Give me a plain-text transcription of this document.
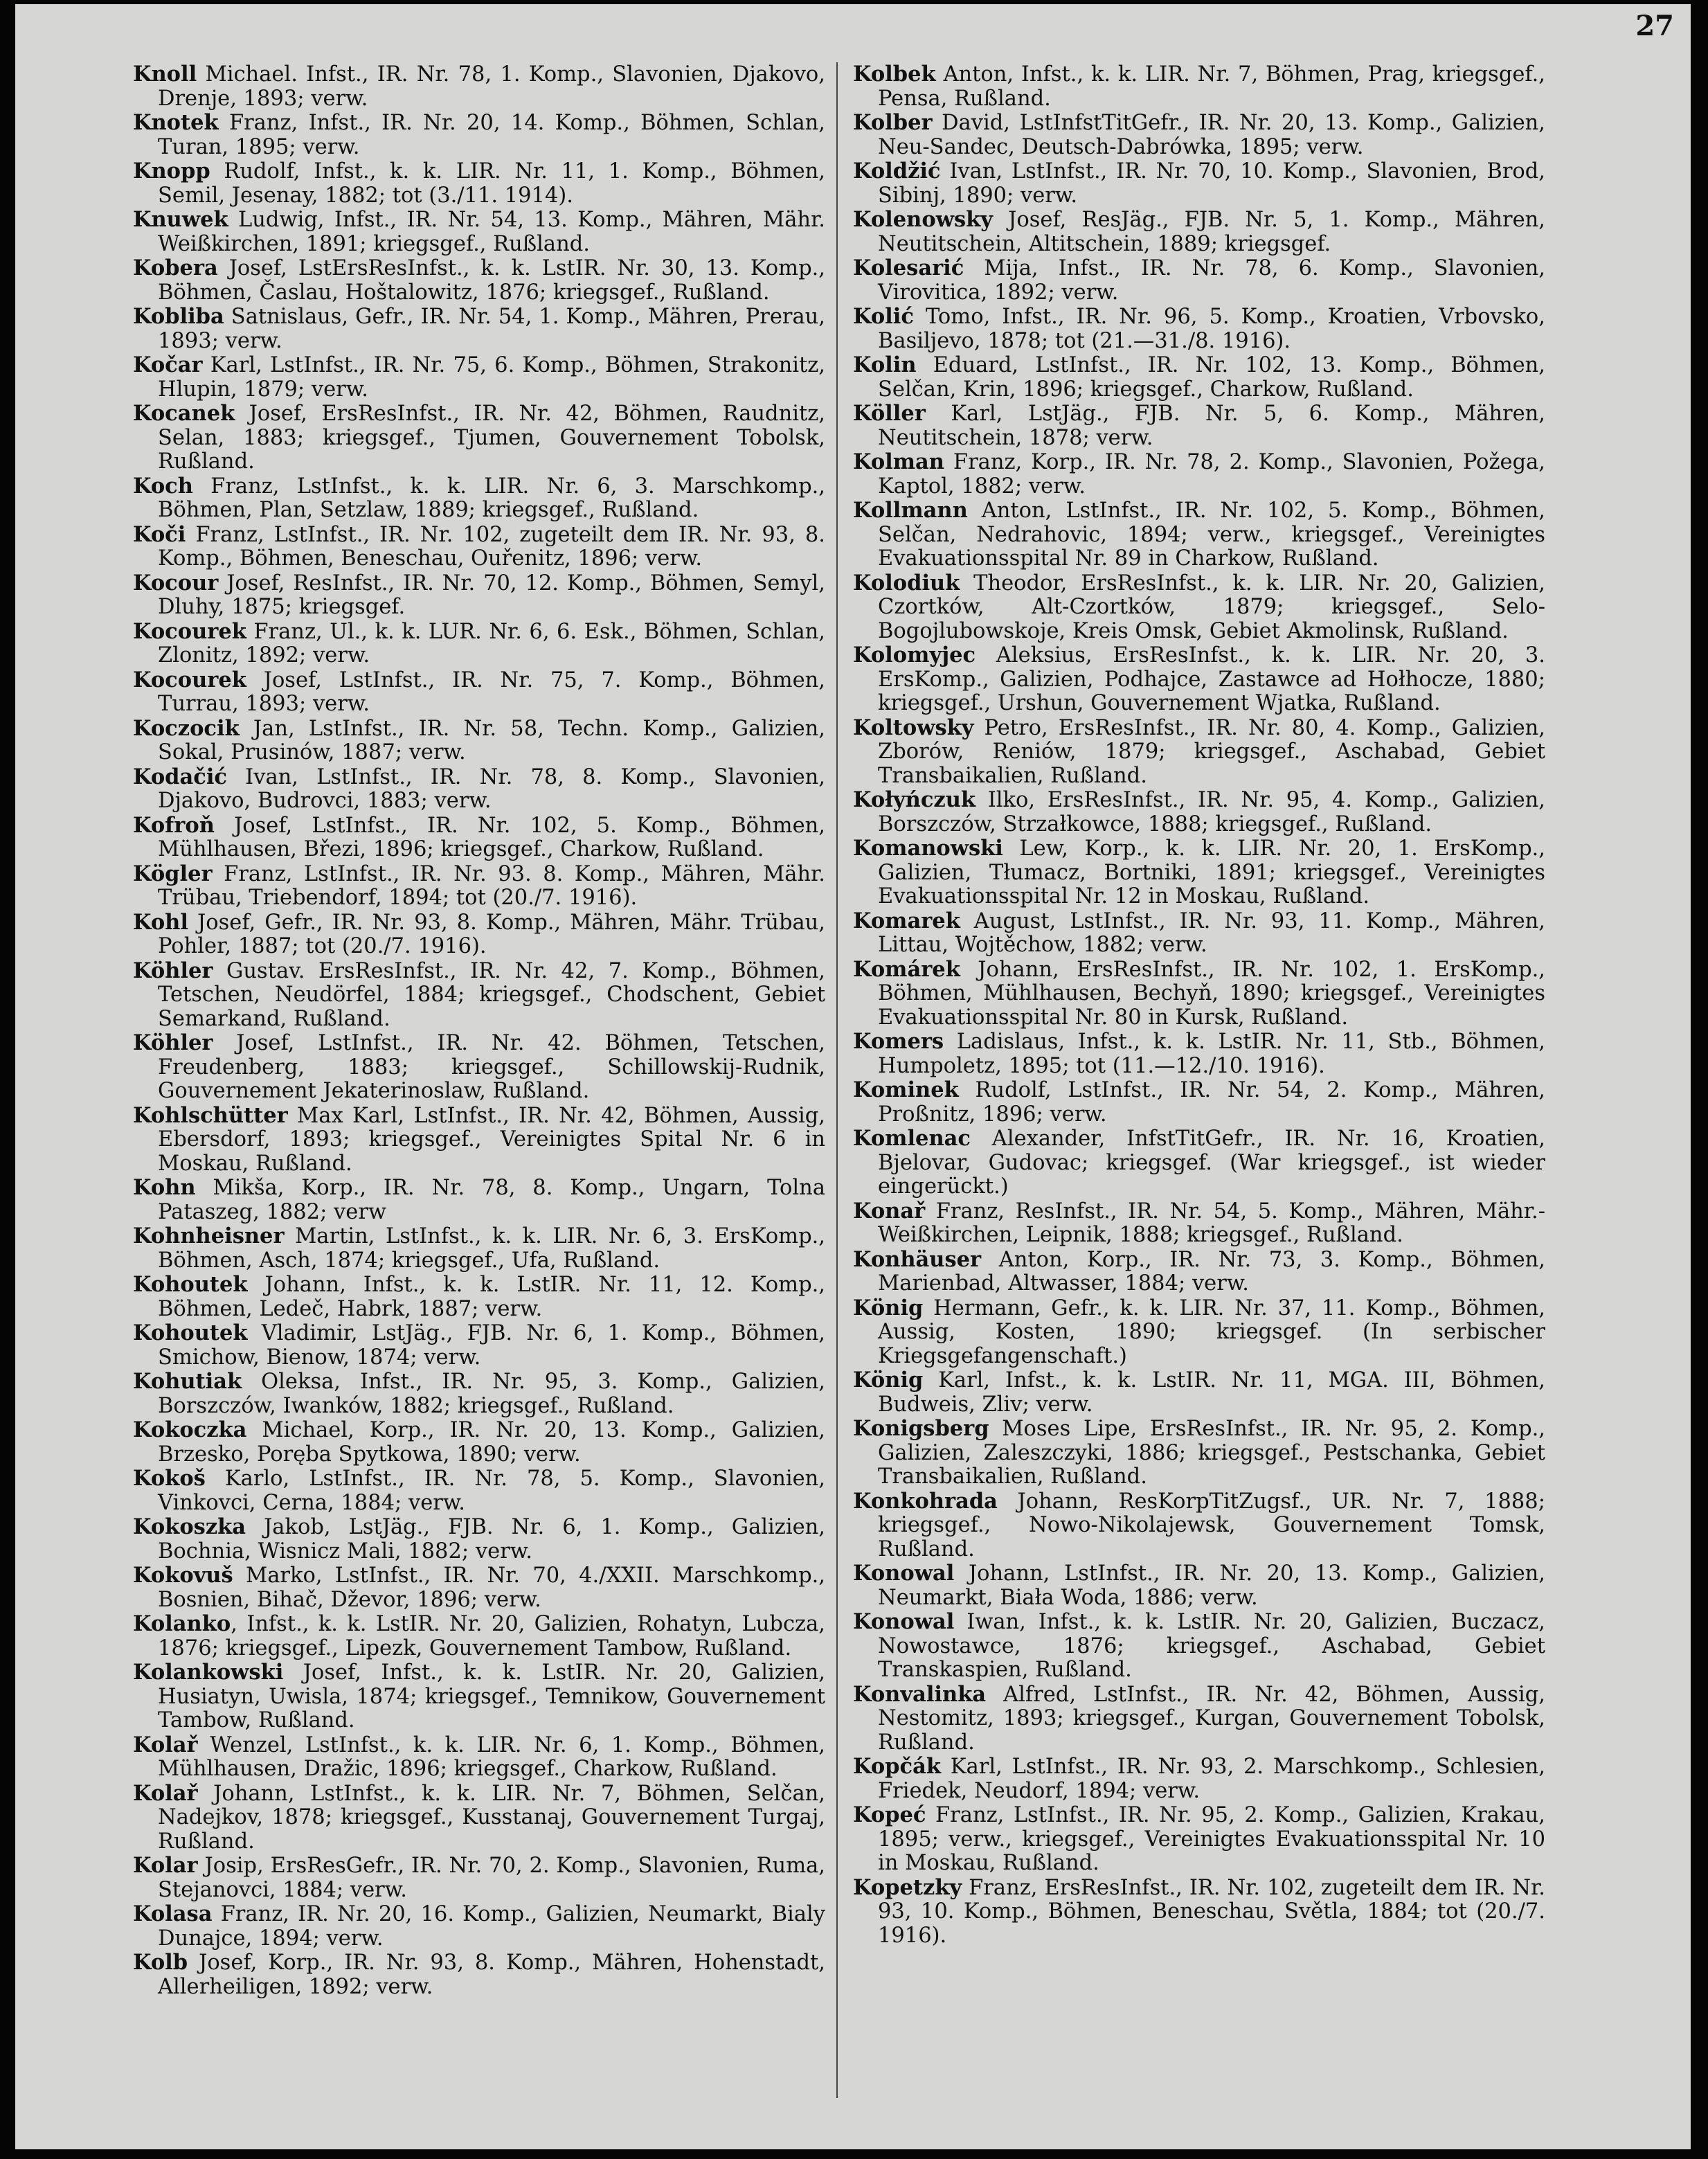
27

Knoll Michael. Infst., IR. Nr. 78, 1. Komp., Slavonien, Djakovo, Drenje, 1893; verw.

Knotek Franz, Infst., IR. Nr. 20, 14. Komp., Böhmen, Schlan, Turan, 1895; verw.

Knopp Rudolf, Infst., k. k. LIR. Nr. 11, 1. Komp., Böhmen, Semil, Jesenay, 1882; tot (3./11. 1914).

Knuwek Ludwig, Infst., IR. Nr. 54, 13. Komp., Mähren, Mähr. Weißkirchen, 1891; kriegsgef., Rußland.

Kobera Josef, LstErsResInfst., k. k. LstIR. Nr. 30, 13. Komp., Böhmen, Časlau, Hoštalowitz, 1876; kriegsgef., Rußland.

Kobliba Satnislaus, Gefr., IR. Nr. 54, 1. Komp., Mähren, Prerau, 1893; verw.

Kočar Karl, LstInfst., IR. Nr. 75, 6. Komp., Böhmen, Strakonitz, Hlupin, 1879; verw.

Kocanek Josef, ErsResInfst., IR. Nr. 42, Böhmen, Raudnitz, Selan, 1883; kriegsgef., Tjumen, Gouvernement Tobolsk, Rußland.

Koch Franz, LstInfst., k. k. LIR. Nr. 6, 3. Marschkomp., Böhmen, Plan, Setzlaw, 1889; kriegsgef., Rußland.

Koči Franz, LstInfst., IR. Nr. 102, zugeteilt dem IR. Nr. 93, 8. Komp., Böhmen, Beneschau, Ouřenitz, 1896; verw.

Kocour Josef, ResInfst., IR. Nr. 70, 12. Komp., Böhmen, Semyl, Dluhy, 1875; kriegsgef.

Kocourek Franz, Ul., k. k. LUR. Nr. 6, 6. Esk., Böhmen, Schlan, Zlonitz, 1892; verw.

Kocourek Josef, LstInfst., IR. Nr. 75, 7. Komp., Böhmen, Turrau, 1893; verw.

Koczocik Jan, LstInfst., IR. Nr. 58, Techn. Komp., Galizien, Sokal, Prusinów, 1887; verw.

Kodačić Ivan, LstInfst., IR. Nr. 78, 8. Komp., Slavonien, Djakovo, Budrovci, 1883; verw.

Kofroň Josef, LstInfst., IR. Nr. 102, 5. Komp., Böhmen, Mühlhausen, Březi, 1896; kriegsgef., Charkow, Rußland.

Kögler Franz, LstInfst., IR. Nr. 93. 8. Komp., Mähren, Mähr. Trübau, Triebendorf, 1894; tot (20./7. 1916).

Kohl Josef, Gefr., IR. Nr. 93, 8. Komp., Mähren, Mähr. Trübau, Pohler, 1887; tot (20./7. 1916).

Köhler Gustav. ErsResInfst., IR. Nr. 42, 7. Komp., Böhmen, Tetschen, Neudörfel, 1884; kriegsgef., Chodschent, Gebiet Semarkand, Rußland.

Köhler Josef, LstInfst., IR. Nr. 42. Böhmen, Tetschen, Freudenberg, 1883; kriegsgef., Schillowskij-Rudnik, Gouvernement Jekaterinoslaw, Rußland.

Kohlschütter Max Karl, LstInfst., IR. Nr. 42, Böhmen, Aussig, Ebersdorf, 1893; kriegsgef., Vereinigtes Spital Nr. 6 in Moskau, Rußland.

Kohn Mikša, Korp., IR. Nr. 78, 8. Komp., Ungarn, Tolna Pataszeg, 1882; verw

Kohnheisner Martin, LstInfst., k. k. LIR. Nr. 6, 3. ErsKomp., Böhmen, Asch, 1874; kriegsgef., Ufa, Rußland.

Kohoutek Johann, Infst., k. k. LstIR. Nr. 11, 12. Komp., Böhmen, Ledeč, Habrk, 1887; verw.

Kohoutek Vladimir, LstJäg., FJB. Nr. 6, 1. Komp., Böhmen, Smichow, Bienow, 1874; verw.

Kohutiak Oleksa, Infst., IR. Nr. 95, 3. Komp., Galizien, Borszczów, Iwanków, 1882; kriegsgef., Rußland.

Kokoczka Michael, Korp., IR. Nr. 20, 13. Komp., Galizien, Brzesko, Poręba Spytkowa, 1890; verw.

Kokoš Karlo, LstInfst., IR. Nr. 78, 5. Komp., Slavonien, Vinkovci, Cerna, 1884; verw.

Kokoszka Jakob, LstJäg., FJB. Nr. 6, 1. Komp., Galizien, Bochnia, Wisnicz Mali, 1882; verw.

Kokovuš Marko, LstInfst., IR. Nr. 70, 4./XXII. Marschkomp., Bosnien, Bihač, Dževor, 1896; verw.

Kolanko, Infst., k. k. LstIR. Nr. 20, Galizien, Rohatyn, Lubcza, 1876; kriegsgef., Lipezk, Gouvernement Tambow, Rußland.

Kolankowski Josef, Infst., k. k. LstIR. Nr. 20, Galizien, Husiatyn, Uwisla, 1874; kriegsgef., Temnikow, Gouvernement Tambow, Rußland.

Kolař Wenzel, LstInfst., k. k. LIR. Nr. 6, 1. Komp., Böhmen, Mühlhausen, Dražic, 1896; kriegsgef., Charkow, Rußland.

Kolař Johann, LstInfst., k. k. LIR. Nr. 7, Böhmen, Selčan, Nadejkov, 1878; kriegsgef., Kusstanaj, Gouvernement Turgaj, Rußland.

Kolar Josip, ErsResGefr., IR. Nr. 70, 2. Komp., Slavonien, Ruma, Stejanovci, 1884; verw.

Kolasa Franz, IR. Nr. 20, 16. Komp., Galizien, Neumarkt, Bialy Dunajce, 1894; verw.

Kolb Josef, Korp., IR. Nr. 93, 8. Komp., Mähren, Hohenstadt, Allerheiligen, 1892; verw.

Kolbek Anton, Infst., k. k. LIR. Nr. 7, Böhmen, Prag, kriegsgef., Pensa, Rußland.

Kolber David, LstInfstTitGefr., IR. Nr. 20, 13. Komp., Galizien, Neu-Sandec, Deutsch-Dabrówka, 1895; verw.

Koldžić Ivan, LstInfst., IR. Nr. 70, 10. Komp., Slavonien, Brod, Sibinj, 1890; verw.

Kolenowsky Josef, ResJäg., FJB. Nr. 5, 1. Komp., Mähren, Neutitschein, Altitschein, 1889; kriegsgef.

Kolesarić Mija, Infst., IR. Nr. 78, 6. Komp., Slavonien, Virovitica, 1892; verw.

Kolić Tomo, Infst., IR. Nr. 96, 5. Komp., Kroatien, Vrbovsko, Basiljevo, 1878; tot (21.—31./8. 1916).

Kolin Eduard, LstInfst., IR. Nr. 102, 13. Komp., Böhmen, Selčan, Krin, 1896; kriegsgef., Charkow, Rußland.

Köller Karl, LstJäg., FJB. Nr. 5, 6. Komp., Mähren, Neutitschein, 1878; verw.

Kolman Franz, Korp., IR. Nr. 78, 2. Komp., Slavonien, Požega, Kaptol, 1882; verw.

Kollmann Anton, LstInfst., IR. Nr. 102, 5. Komp., Böhmen, Selčan, Nedrahovic, 1894; verw., kriegsgef., Vereinigtes Evakuationsspital Nr. 89 in Charkow, Rußland.

Kolodiuk Theodor, ErsResInfst., k. k. LIR. Nr. 20, Galizien, Czortków, Alt-Czortków, 1879; kriegsgef., Selo-Bogojlubowskoje, Kreis Omsk, Gebiet Akmolinsk, Rußland.

Kolomyjec Aleksius, ErsResInfst., k. k. LIR. Nr. 20, 3. ErsKomp., Galizien, Podhajce, Zastawce ad Hołhocze, 1880; kriegsgef., Urshun, Gouvernement Wjatka, Rußland.

Koltowsky Petro, ErsResInfst., IR. Nr. 80, 4. Komp., Galizien, Zborów, Reniów, 1879; kriegsgef., Aschabad, Gebiet Transbaikalien, Rußland.

Kołyńczuk Ilko, ErsResInfst., IR. Nr. 95, 4. Komp., Galizien, Borszczów, Strzałkowce, 1888; kriegsgef., Rußland.

Komanowski Lew, Korp., k. k. LIR. Nr. 20, 1. ErsKomp., Galizien, Tłumacz, Bortniki, 1891; kriegsgef., Vereinigtes Evakuationsspital Nr. 12 in Moskau, Rußland.

Komarek August, LstInfst., IR. Nr. 93, 11. Komp., Mähren, Littau, Wojtěchow, 1882; verw.

Komárek Johann, ErsResInfst., IR. Nr. 102, 1. ErsKomp., Böhmen, Mühlhausen, Bechyň, 1890; kriegsgef., Vereinigtes Evakuationsspital Nr. 80 in Kursk, Rußland.

Komers Ladislaus, Infst., k. k. LstIR. Nr. 11, Stb., Böhmen, Humpoletz, 1895; tot (11.—12./10. 1916).

Kominek Rudolf, LstInfst., IR. Nr. 54, 2. Komp., Mähren, Proßnitz, 1896; verw.

Komlenac Alexander, InfstTitGefr., IR. Nr. 16, Kroatien, Bjelovar, Gudovac; kriegsgef. (War kriegsgef., ist wieder eingerückt.)

Konař Franz, ResInfst., IR. Nr. 54, 5. Komp., Mähren, Mähr.-Weißkirchen, Leipnik, 1888; kriegsgef., Rußland.

Konhäuser Anton, Korp., IR. Nr. 73, 3. Komp., Böhmen, Marienbad, Altwasser, 1884; verw.

König Hermann, Gefr., k. k. LIR. Nr. 37, 11. Komp., Böhmen, Aussig, Kosten, 1890; kriegsgef. (In serbischer Kriegsgefangenschaft.)

König Karl, Infst., k. k. LstIR. Nr. 11, MGA. III, Böhmen, Budweis, Zliv; verw.

Konigsberg Moses Lipe, ErsResInfst., IR. Nr. 95, 2. Komp., Galizien, Zaleszczyki, 1886; kriegsgef., Pestschanka, Gebiet Transbaikalien, Rußland.

Konkohrada Johann, ResKorpTitZugsf., UR. Nr. 7, 1888; kriegsgef., Nowo-Nikolajewsk, Gouvernement Tomsk, Rußland.

Konowal Johann, LstInfst., IR. Nr. 20, 13. Komp., Galizien, Neumarkt, Biała Woda, 1886; verw.

Konowal Iwan, Infst., k. k. LstIR. Nr. 20, Galizien, Buczacz, Nowostawce, 1876; kriegsgef., Aschabad, Gebiet Transkaspien, Rußland.

Konvalinka Alfred, LstInfst., IR. Nr. 42, Böhmen, Aussig, Nestomitz, 1893; kriegsgef., Kurgan, Gouvernement Tobolsk, Rußland.

Kopčák Karl, LstInfst., IR. Nr. 93, 2. Marschkomp., Schlesien, Friedek, Neudorf, 1894; verw.

Kopeć Franz, LstInfst., IR. Nr. 95, 2. Komp., Galizien, Krakau, 1895; verw., kriegsgef., Vereinigtes Evakuationsspital Nr. 10 in Moskau, Rußland.

Kopetzky Franz, ErsResInfst., IR. Nr. 102, zugeteilt dem IR. Nr. 93, 10. Komp., Böhmen, Beneschau, Světla, 1884; tot (20./7. 1916).
